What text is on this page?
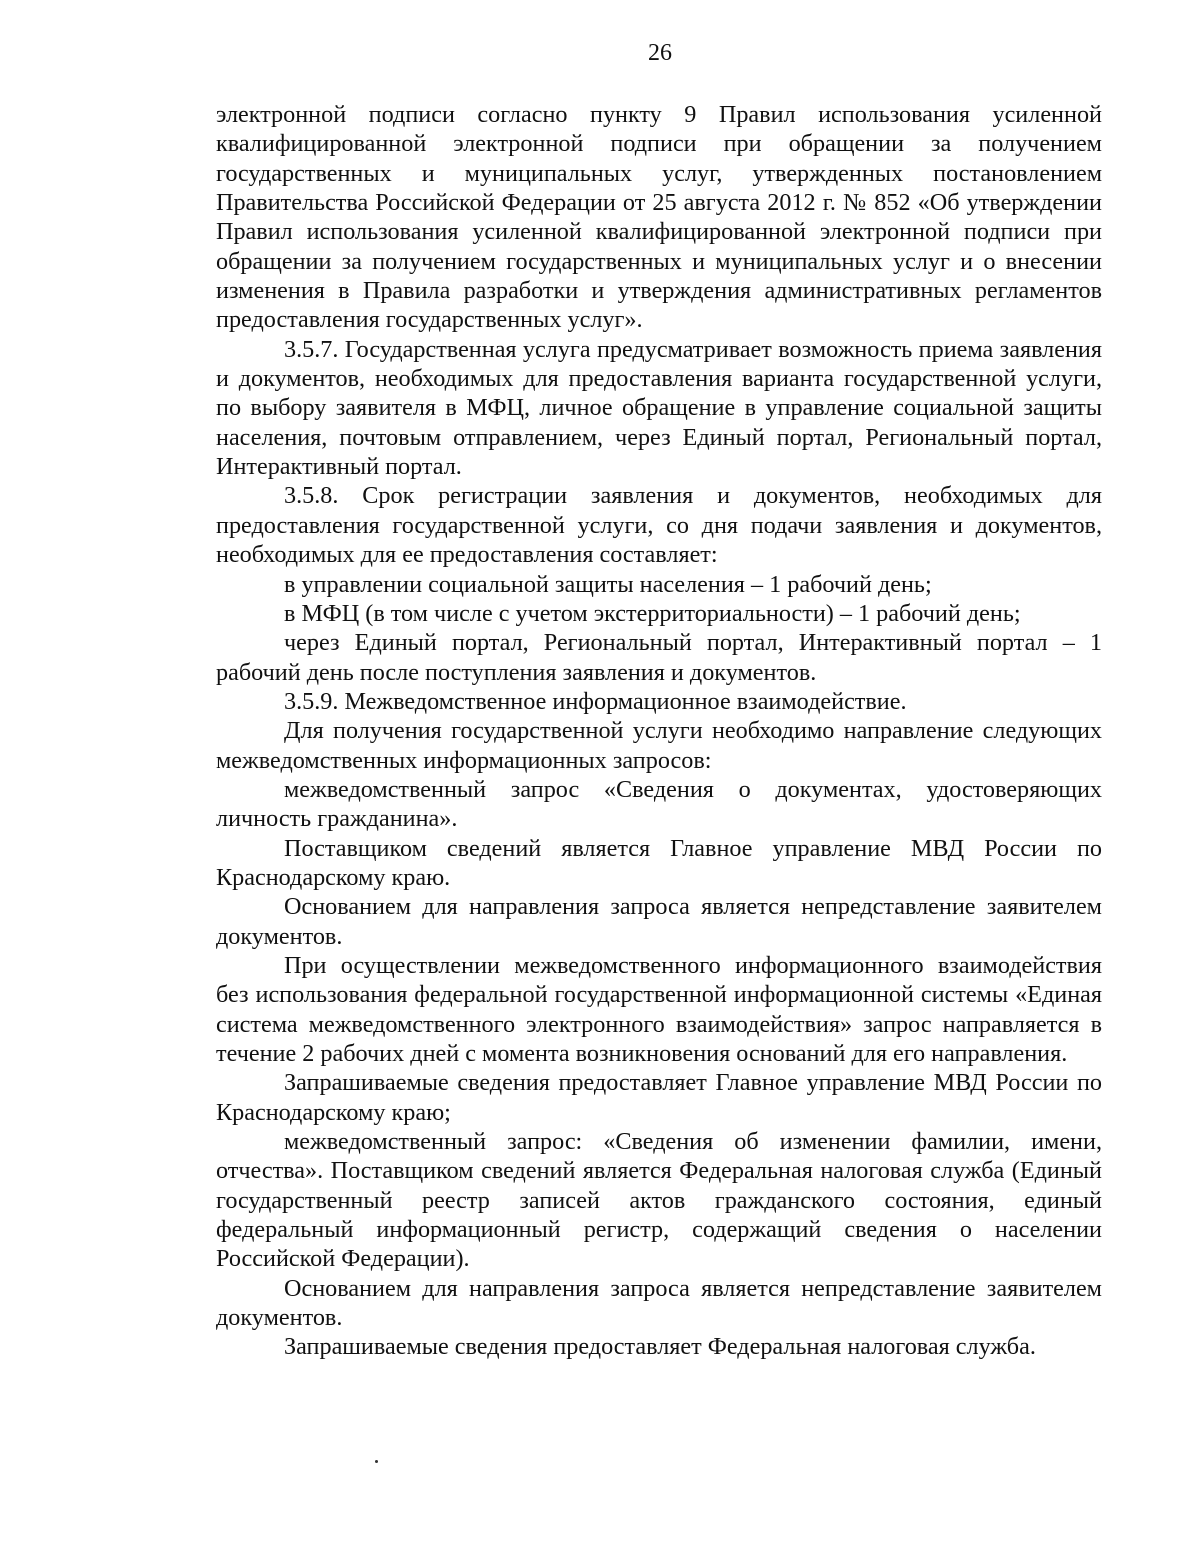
26

электронной подписи согласно пункту 9 Правил использования усиленной квалифицированной электронной подписи при обращении за получением государственных и муниципальных услуг, утвержденных постановлением Правительства Российской Федерации от 25 августа 2012 г. № 852 «Об утверждении Правил использования усиленной квалифицированной электронной подписи при обращении за получением государственных и муниципальных услуг и о внесении изменения в Правила разработки и утверждения административных регламентов предоставления государственных услуг».

3.5.7. Государственная услуга предусматривает возможность приема заявления и документов, необходимых для предоставления варианта государственной услуги, по выбору заявителя в МФЦ, личное обращение в управление социальной защиты населения, почтовым отправлением, через Единый портал, Региональный портал, Интерактивный портал.

3.5.8. Срок регистрации заявления и документов, необходимых для предоставления государственной услуги, со дня подачи заявления и документов, необходимых для ее предоставления составляет:

в управлении социальной защиты населения – 1 рабочий день;

в МФЦ (в том числе с учетом экстерриториальности) – 1 рабочий день;

через Единый портал, Региональный портал, Интерактивный портал – 1 рабочий день после поступления заявления и документов.

3.5.9. Межведомственное информационное взаимодействие.

Для получения государственной услуги необходимо направление следующих межведомственных информационных запросов:

межведомственный запрос «Сведения о документах, удостоверяющих личность гражданина».

Поставщиком сведений является Главное управление МВД России по Краснодарскому краю.

Основанием для направления запроса является непредставление заявителем документов.

При осуществлении межведомственного информационного взаимодействия без использования федеральной государственной информационной системы «Единая система межведомственного электронного взаимодействия» запрос направляется в течение 2 рабочих дней с момента возникновения оснований для его направления.

Запрашиваемые сведения предоставляет Главное управление МВД России по Краснодарскому краю;

межведомственный запрос: «Сведения об изменении фамилии, имени, отчества». Поставщиком сведений является Федеральная налоговая служба (Единый государственный реестр записей актов гражданского состояния, единый федеральный информационный регистр, содержащий сведения о населении Российской Федерации).

Основанием для направления запроса является непредставление заявителем документов.

Запрашиваемые сведения предоставляет Федеральная налоговая служба.
